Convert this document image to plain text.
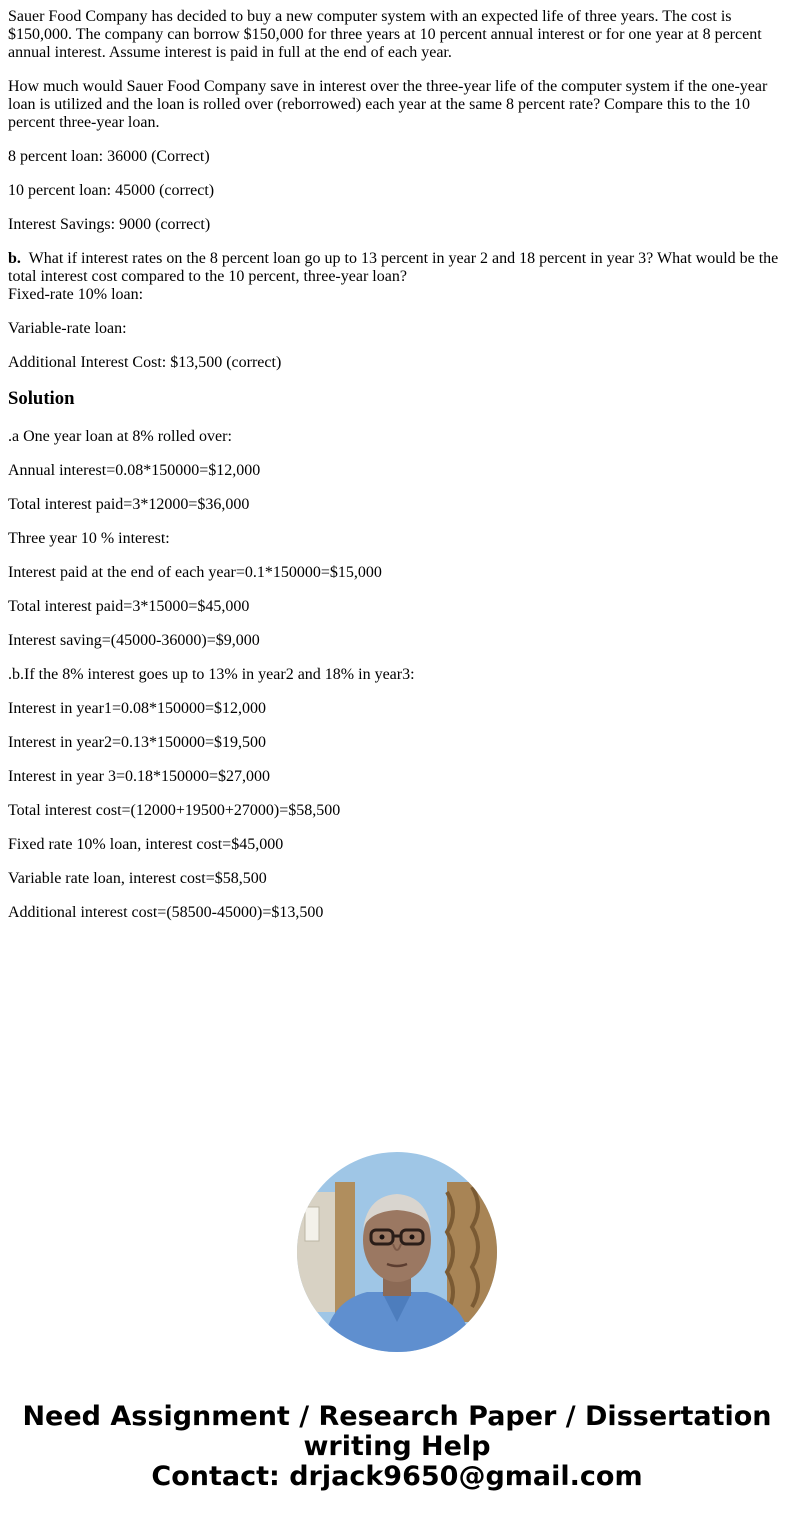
Sauer Food Company has decided to buy a new computer system with an expected life of three years. The cost is $150,000. The company can borrow $150,000 for three years at 10 percent annual interest or for one year at 8 percent annual interest. Assume interest is paid in full at the end of each year.

How much would Sauer Food Company save in interest over the three-year life of the computer system if the one-year loan is utilized and the loan is rolled over (reborrowed) each year at the same 8 percent rate? Compare this to the 10 percent three-year loan.

8 percent loan: 36000 (Correct)

10 percent loan: 45000 (correct)

Interest Savings: 9000 (correct)

b. What if interest rates on the 8 percent loan go up to 13 percent in year 2 and 18 percent in year 3? What would be the total interest cost compared to the 10 percent, three-year loan?
Fixed-rate 10% loan:

Variable-rate loan:

Additional Interest Cost: $13,500 (correct)

Solution

.a One year loan at 8% rolled over:

Annual interest=0.08*150000=$12,000

Total interest paid=3*12000=$36,000

Three year 10 % interest:

Interest paid at the end of each year=0.1*150000=$15,000

Total interest paid=3*15000=$45,000

Interest saving=(45000-36000)=$9,000

.b.If the 8% interest goes up to 13% in year2 and 18% in year3:

Interest in year1=0.08*150000=$12,000

Interest in year2=0.13*150000=$19,500

Interest in year 3=0.18*150000=$27,000

Total interest cost=(12000+19500+27000)=$58,500

Fixed rate 10% loan, interest cost=$45,000

Variable rate loan, interest cost=$58,500

Additional interest cost=(58500-45000)=$13,500

Need Assignment / Research Paper / Dissertation
writing Help
Contact: drjack9650@gmail.com
